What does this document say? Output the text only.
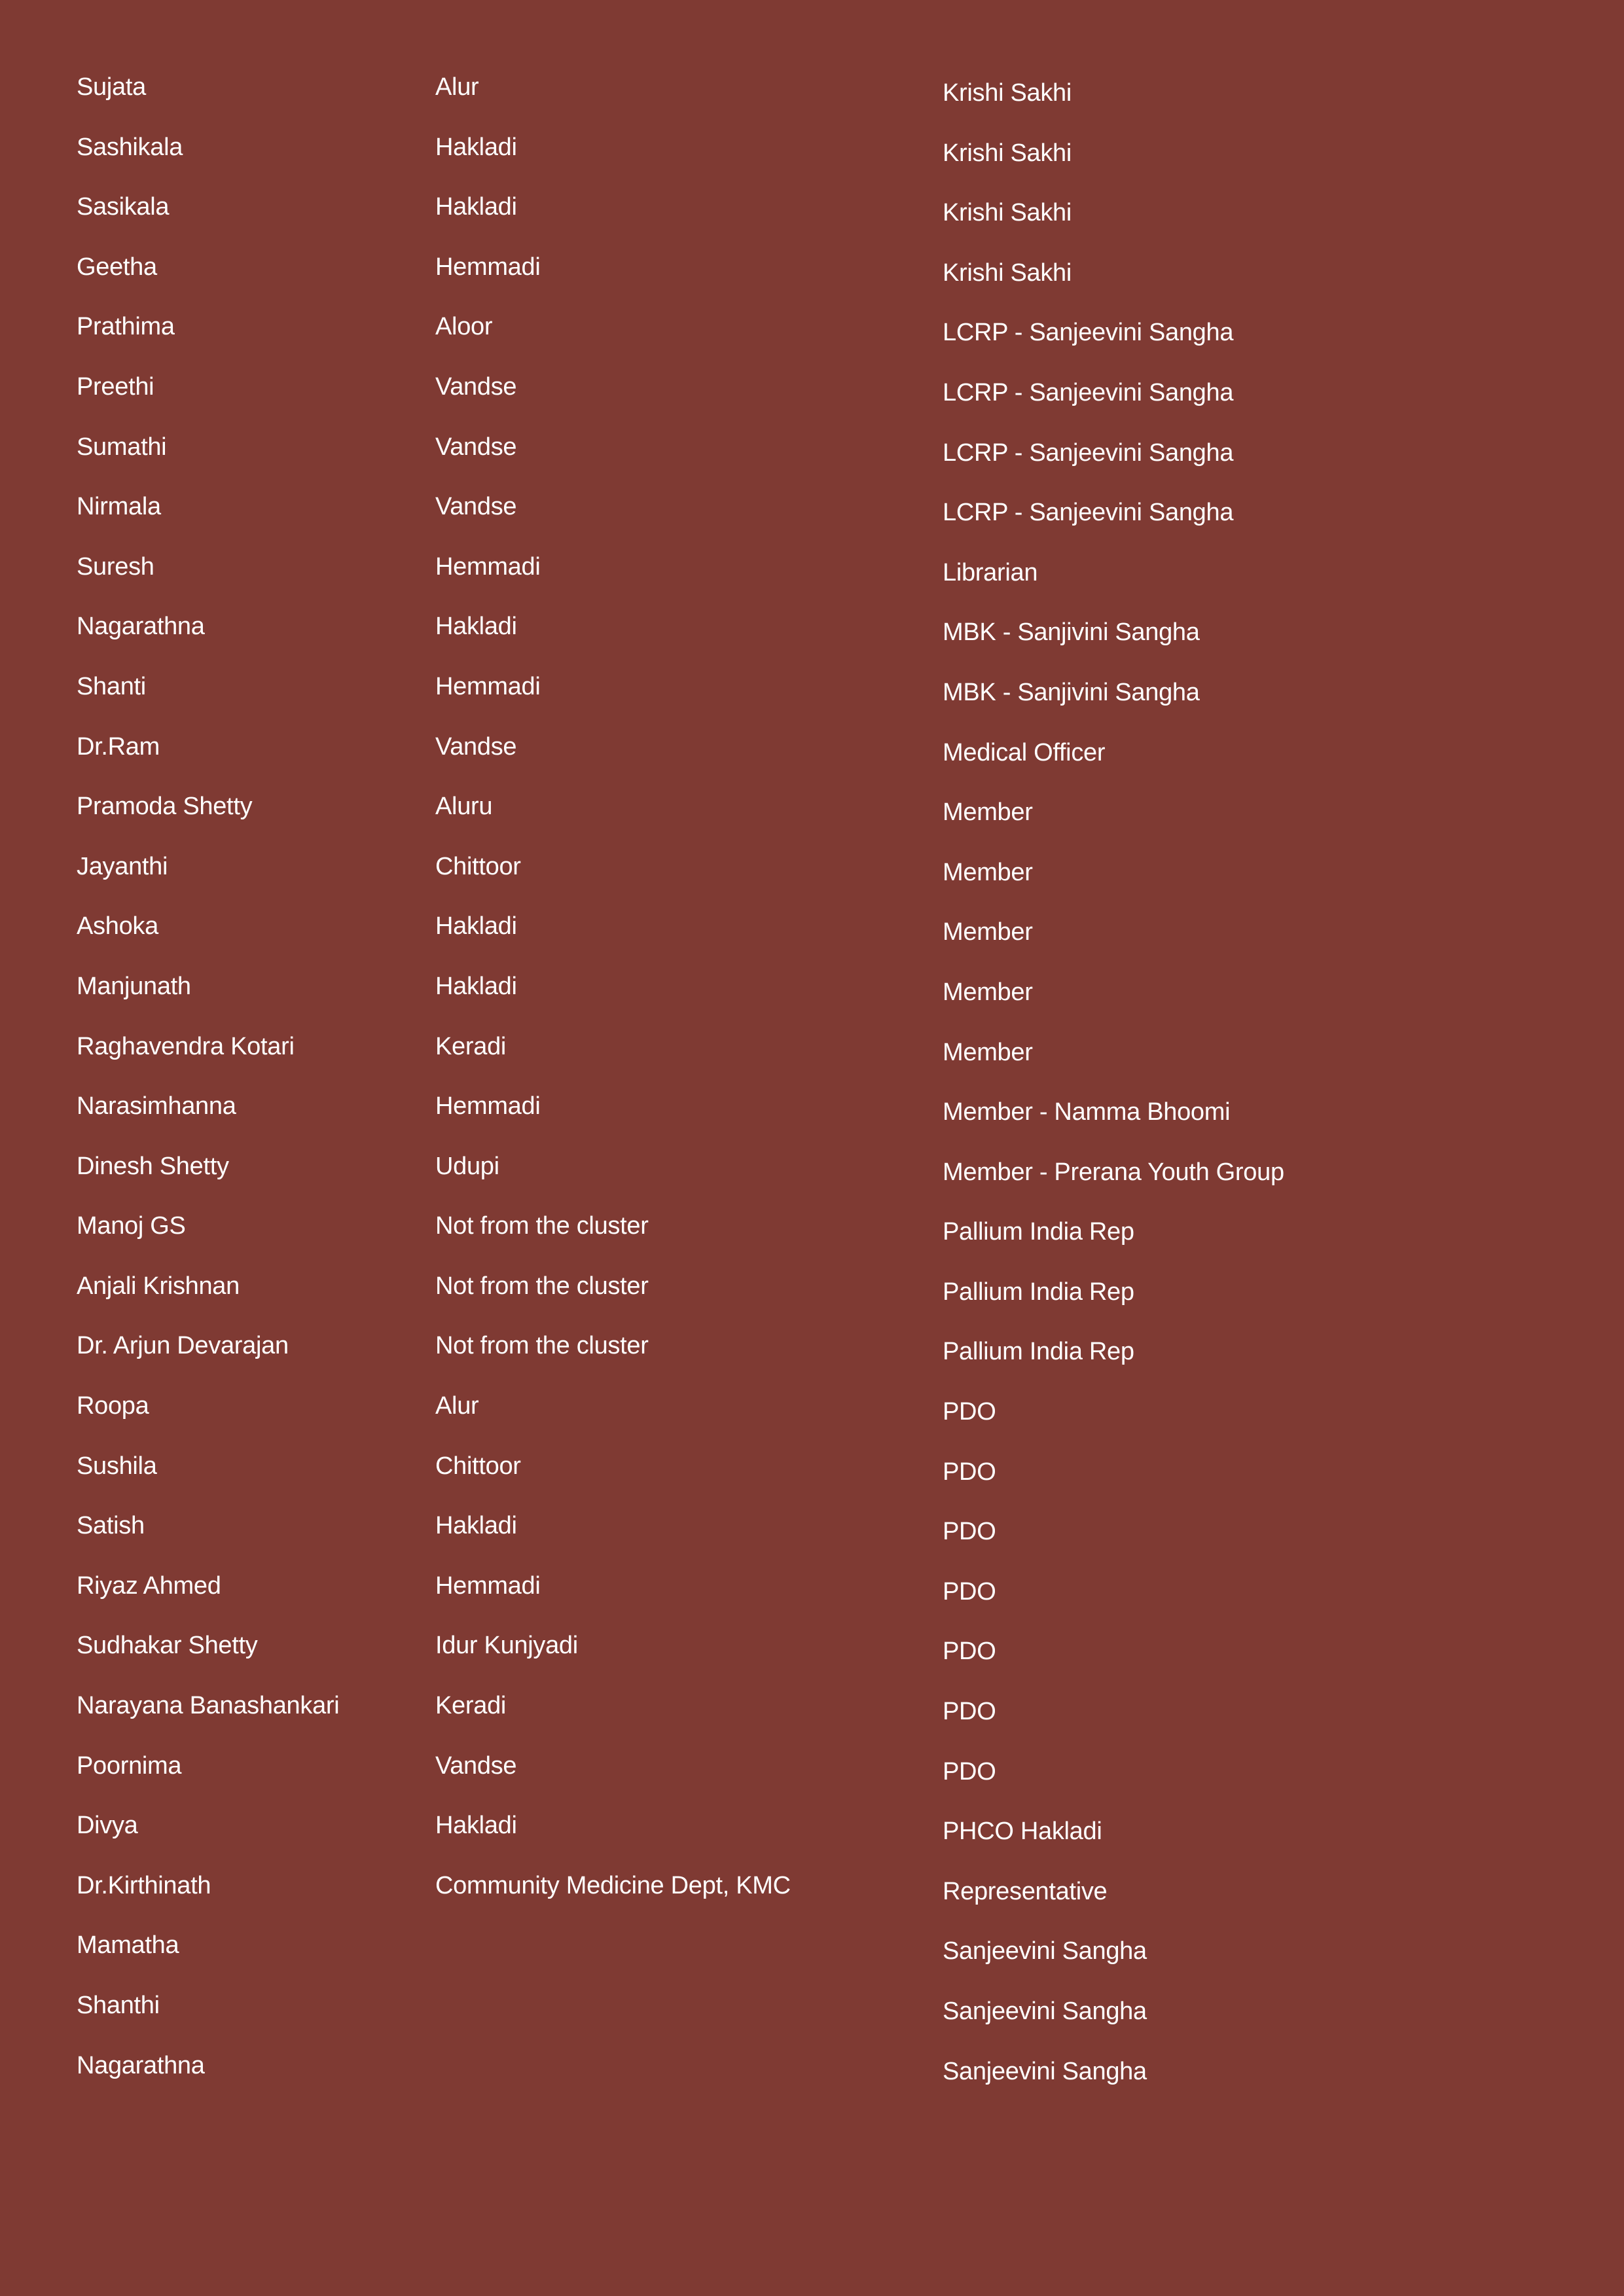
Sujata
Sashikala
Sasikala
Geetha
Prathima
Preethi
Sumathi
Nirmala
Suresh
Nagarathna
Shanti
Dr.Ram
Pramoda Shetty
Jayanthi
Ashoka
Manjunath
Raghavendra Kotari
Narasimhanna
Dinesh Shetty
Manoj GS
Anjali Krishnan
Dr. Arjun Devarajan
Roopa
Sushila
Satish
Riyaz Ahmed
Sudhakar Shetty
Narayana Banashankari
Poornima
Divya
Dr.Kirthinath
Mamatha
Shanthi
Nagarathna
Alur
Hakladi
Hakladi
Hemmadi
Aloor
Vandse
Vandse
Vandse
Hemmadi
Hakladi
Hemmadi
Vandse
Aluru
Chittoor
Hakladi
Hakladi
Keradi
Hemmadi
Udupi
Not from the cluster
Not from the cluster
Not from the cluster
Alur
Chittoor
Hakladi
Hemmadi
Idur Kunjyadi
Keradi
Vandse
Hakladi
Community Medicine Dept, KMC
Krishi Sakhi
Krishi Sakhi
Krishi Sakhi
Krishi Sakhi
LCRP - Sanjeevini Sangha
LCRP - Sanjeevini Sangha
LCRP - Sanjeevini Sangha
LCRP - Sanjeevini Sangha
Librarian
MBK - Sanjivini Sangha
MBK - Sanjivini Sangha
Medical Officer
Member
Member
Member
Member
Member
Member - Namma Bhoomi
Member - Prerana Youth Group
Pallium India Rep
Pallium India Rep
Pallium India Rep
PDO
PDO
PDO
PDO
PDO
PDO
PDO
PHCO Hakladi
Representative
Sanjeevini Sangha
Sanjeevini Sangha
Sanjeevini Sangha
